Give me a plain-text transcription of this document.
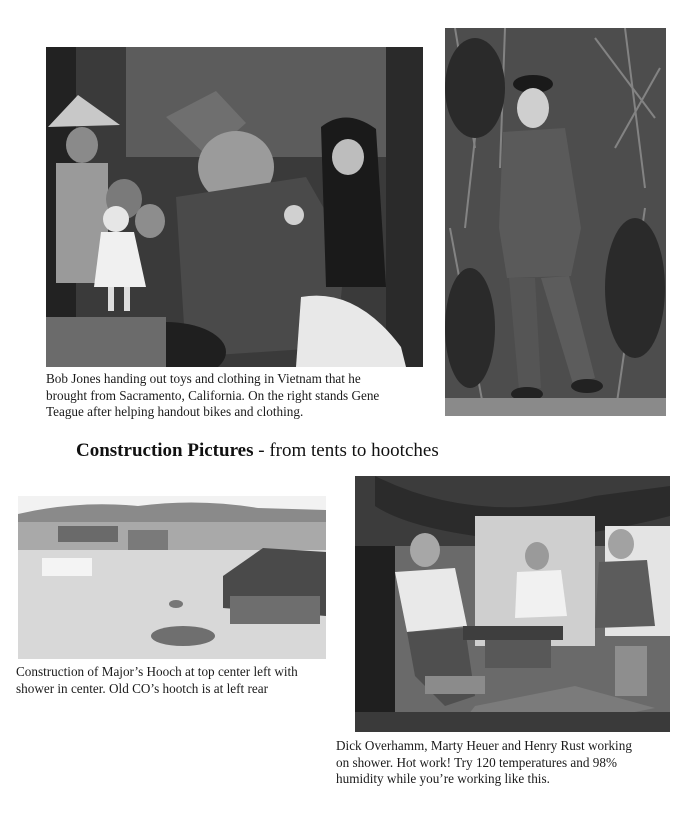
Bob Jones handing out toys and clothing in Vietnam that he
brought from Sacramento, California. On the right stands Gene
Teague after helping handout bikes and clothing.
Construction Pictures - from tents to hootches
Construction of Major’s Hooch at top center left with
shower in center. Old CO’s hootch is at left rear
Dick Overhamm, Marty Heuer and Henry Rust working
on shower. Hot work! Try 120 temperatures and 98%
humidity while you’re working like this.
